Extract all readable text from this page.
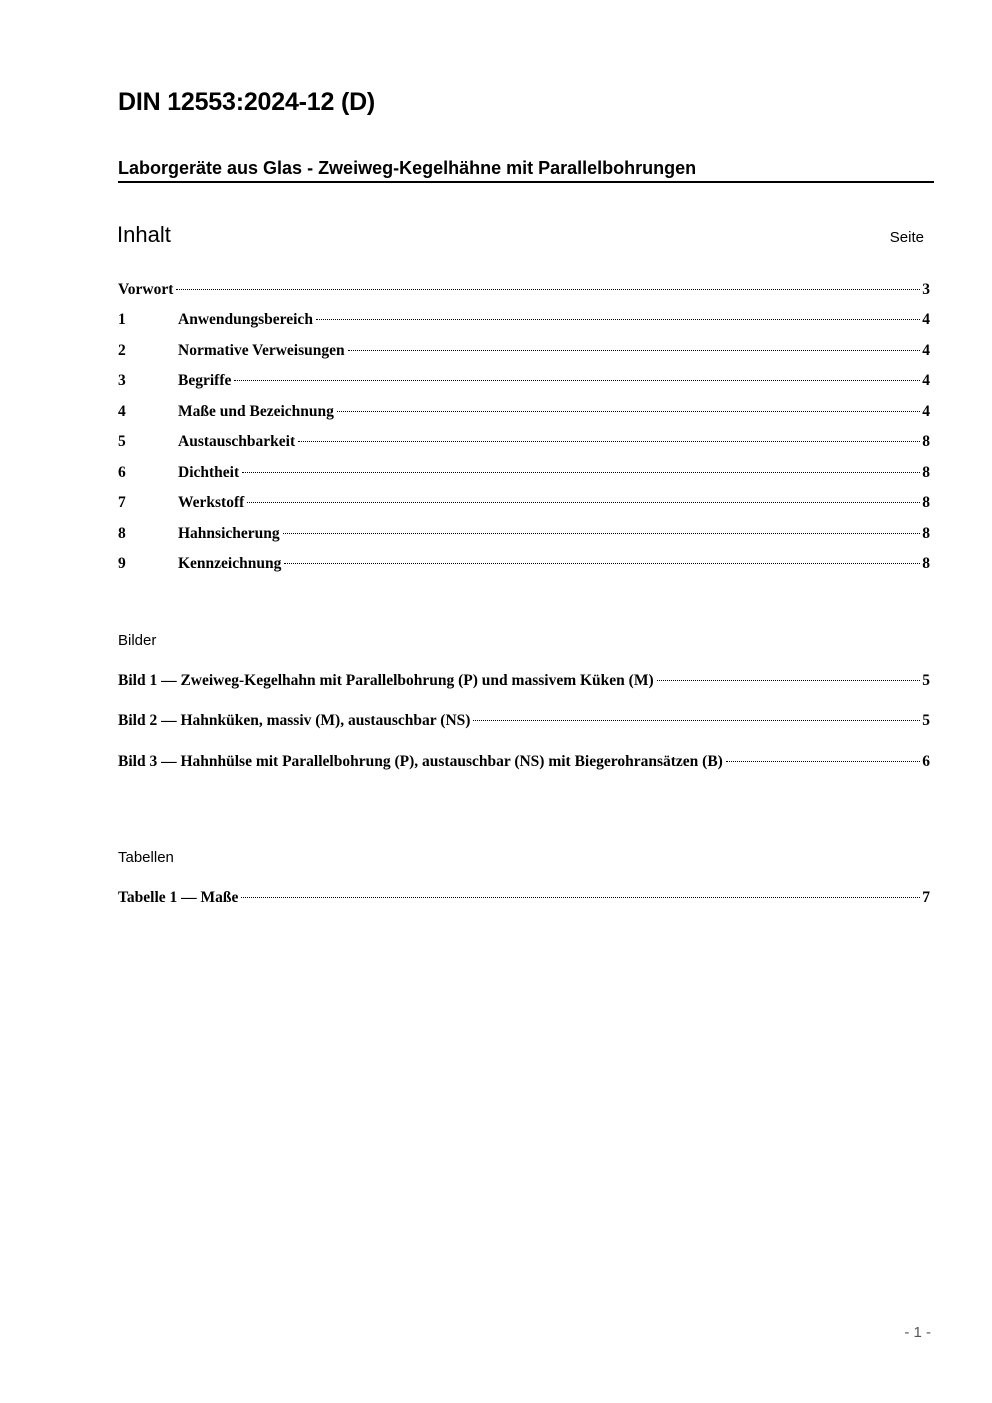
DIN 12553:2024-12 (D)
Laborgeräte aus Glas - Zweiweg-Kegelhähne mit Parallelbohrungen
Inhalt	Seite
Vorwort	3
1	Anwendungsbereich	4
2	Normative Verweisungen	4
3	Begriffe	4
4	Maße und Bezeichnung	4
5	Austauschbarkeit	8
6	Dichtheit	8
7	Werkstoff	8
8	Hahnsicherung	8
9	Kennzeichnung	8
Bilder
Bild 1 — Zweiweg-Kegelhahn mit Parallelbohrung (P) und massivem Küken (M)	5
Bild 2 — Hahnküken, massiv (M), austauschbar (NS)	5
Bild 3 — Hahnhülse mit Parallelbohrung (P), austauschbar (NS) mit Biegerohransätzen (B)	6
Tabellen
Tabelle 1 — Maße	7
- 1 -
